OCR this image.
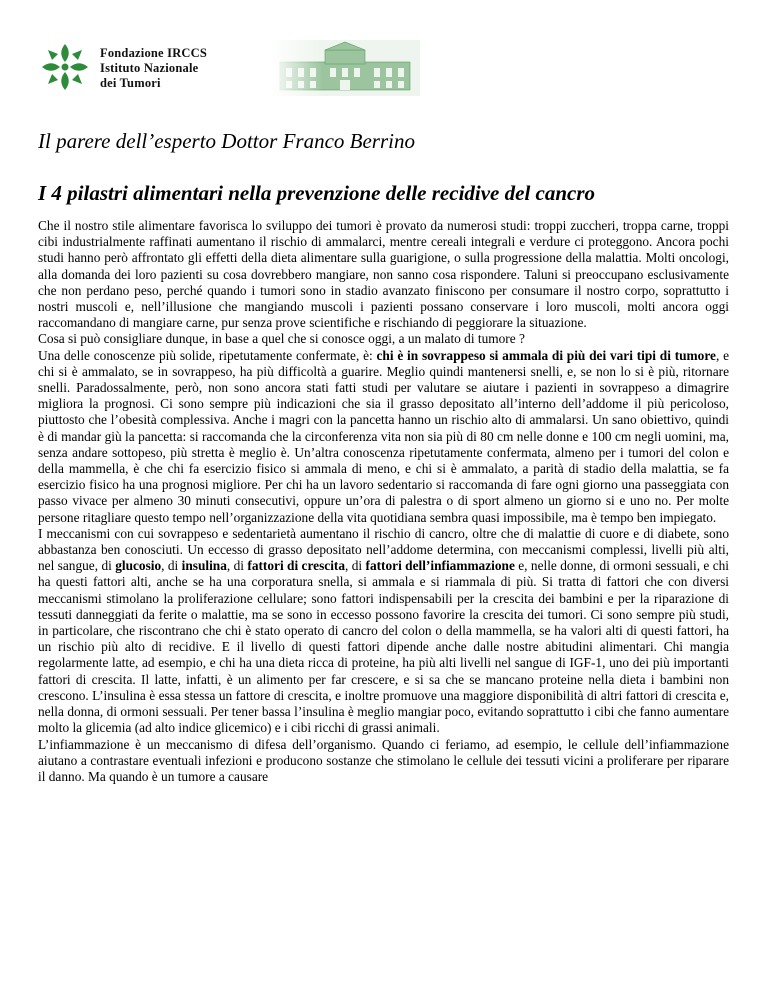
Fondazione IRCCS
Istituto Nazionale
dei Tumori
Il parere dell’esperto Dottor Franco Berrino
I 4 pilastri alimentari nella prevenzione delle recidive del cancro

Che il nostro stile alimentare favorisca lo sviluppo dei tumori è provato da numerosi studi: troppi zuccheri, troppa carne, troppi cibi industrialmente raffinati aumentano il rischio di ammalarci, mentre cereali integrali e verdure ci proteggono. Ancora pochi studi hanno però affrontato gli effetti della dieta alimentare sulla guarigione, o sulla progressione della malattia. Molti oncologi, alla domanda dei loro pazienti su cosa dovrebbero mangiare, non sanno cosa rispondere. Taluni si preoccupano esclusivamente che non perdano peso, perché quando i tumori sono in stadio avanzato finiscono per consumare il nostro corpo, soprattutto i nostri muscoli e, nell’illusione che mangiando muscoli i pazienti possano conservare i loro muscoli, molti ancora oggi raccomandano di mangiare carne, pur senza prove scientifiche e rischiando di peggiorare la situazione.

Cosa si può consigliare dunque, in base a quel che si conosce oggi, a un malato di tumore ?

Una delle conoscenze più solide, ripetutamente confermate, è: chi è in sovrappeso si ammala di più dei vari tipi di tumore, e chi si è ammalato, se in sovrappeso, ha più difficoltà a guarire. Meglio quindi mantenersi snelli, e, se non lo si è più, ritornare snelli. Paradossalmente, però, non sono ancora stati fatti studi per valutare se aiutare i pazienti in sovrappeso a dimagrire migliora la prognosi. Ci sono sempre più indicazioni che sia il grasso depositato all’interno dell’addome il più pericoloso, piuttosto che l’obesità complessiva. Anche i magri con la pancetta hanno un rischio alto di ammalarsi. Un sano obiettivo, quindi è di mandar giù la pancetta: si raccomanda che la circonferenza vita non sia più di 80 cm nelle donne e 100 cm negli uomini, ma, senza andare sottopeso, più stretta è meglio è. Un’altra conoscenza ripetutamente confermata, almeno per i tumori del colon e della mammella, è che chi fa esercizio fisico si ammala di meno, e chi si è ammalato, a parità di stadio della malattia, se fa esercizio fisico ha una prognosi migliore. Per chi ha un lavoro sedentario si raccomanda di fare ogni giorno una passeggiata con passo vivace per almeno 30 minuti consecutivi, oppure un’ora di palestra o di sport almeno un giorno si e uno no. Per molte persone ritagliare questo tempo nell’organizzazione della vita quotidiana sembra quasi impossibile, ma è tempo ben impiegato.

I meccanismi con cui sovrappeso e sedentarietà aumentano il rischio di cancro, oltre che di malattie di cuore e di diabete, sono abbastanza ben conosciuti. Un eccesso di grasso depositato nell’addome determina, con meccanismi complessi, livelli più alti, nel sangue, di glucosio, di insulina, di fattori di crescita, di fattori dell’infiammazione e, nelle donne, di ormoni sessuali, e chi ha questi fattori alti, anche se ha una corporatura snella, si ammala e si riammala di più. Si tratta di fattori che con diversi meccanismi stimolano la proliferazione cellulare; sono fattori indispensabili per la crescita dei bambini e per la riparazione di tessuti danneggiati da ferite o malattie, ma se sono in eccesso possono favorire la crescita dei tumori. Ci sono sempre più studi, in particolare, che riscontrano che chi è stato operato di cancro del colon o della mammella, se ha valori alti di questi fattori, ha un rischio più alto di recidive. E il livello di questi fattori dipende anche dalle nostre abitudini alimentari. Chi mangia regolarmente latte, ad esempio, e chi ha una dieta ricca di proteine, ha più alti livelli nel sangue di IGF-1, uno dei più importanti fattori di crescita. Il latte, infatti, è un alimento per far crescere, e si sa che se mancano proteine nella dieta i bambini non crescono. L’insulina è essa stessa un fattore di crescita, e inoltre promuove una maggiore disponibilità di altri fattori di crescita e, nella donna, di ormoni sessuali. Per tener bassa l’insulina è meglio mangiar poco, evitando soprattutto i cibi che fanno aumentare molto la glicemia (ad alto indice glicemico) e i cibi ricchi di grassi animali.

L’infiammazione è un meccanismo di difesa dell’organismo. Quando ci feriamo, ad esempio, le cellule dell’infiammazione aiutano a contrastare eventuali infezioni e producono sostanze che stimolano le cellule dei tessuti vicini a proliferare per riparare il danno. Ma quando è un tumore a causare
